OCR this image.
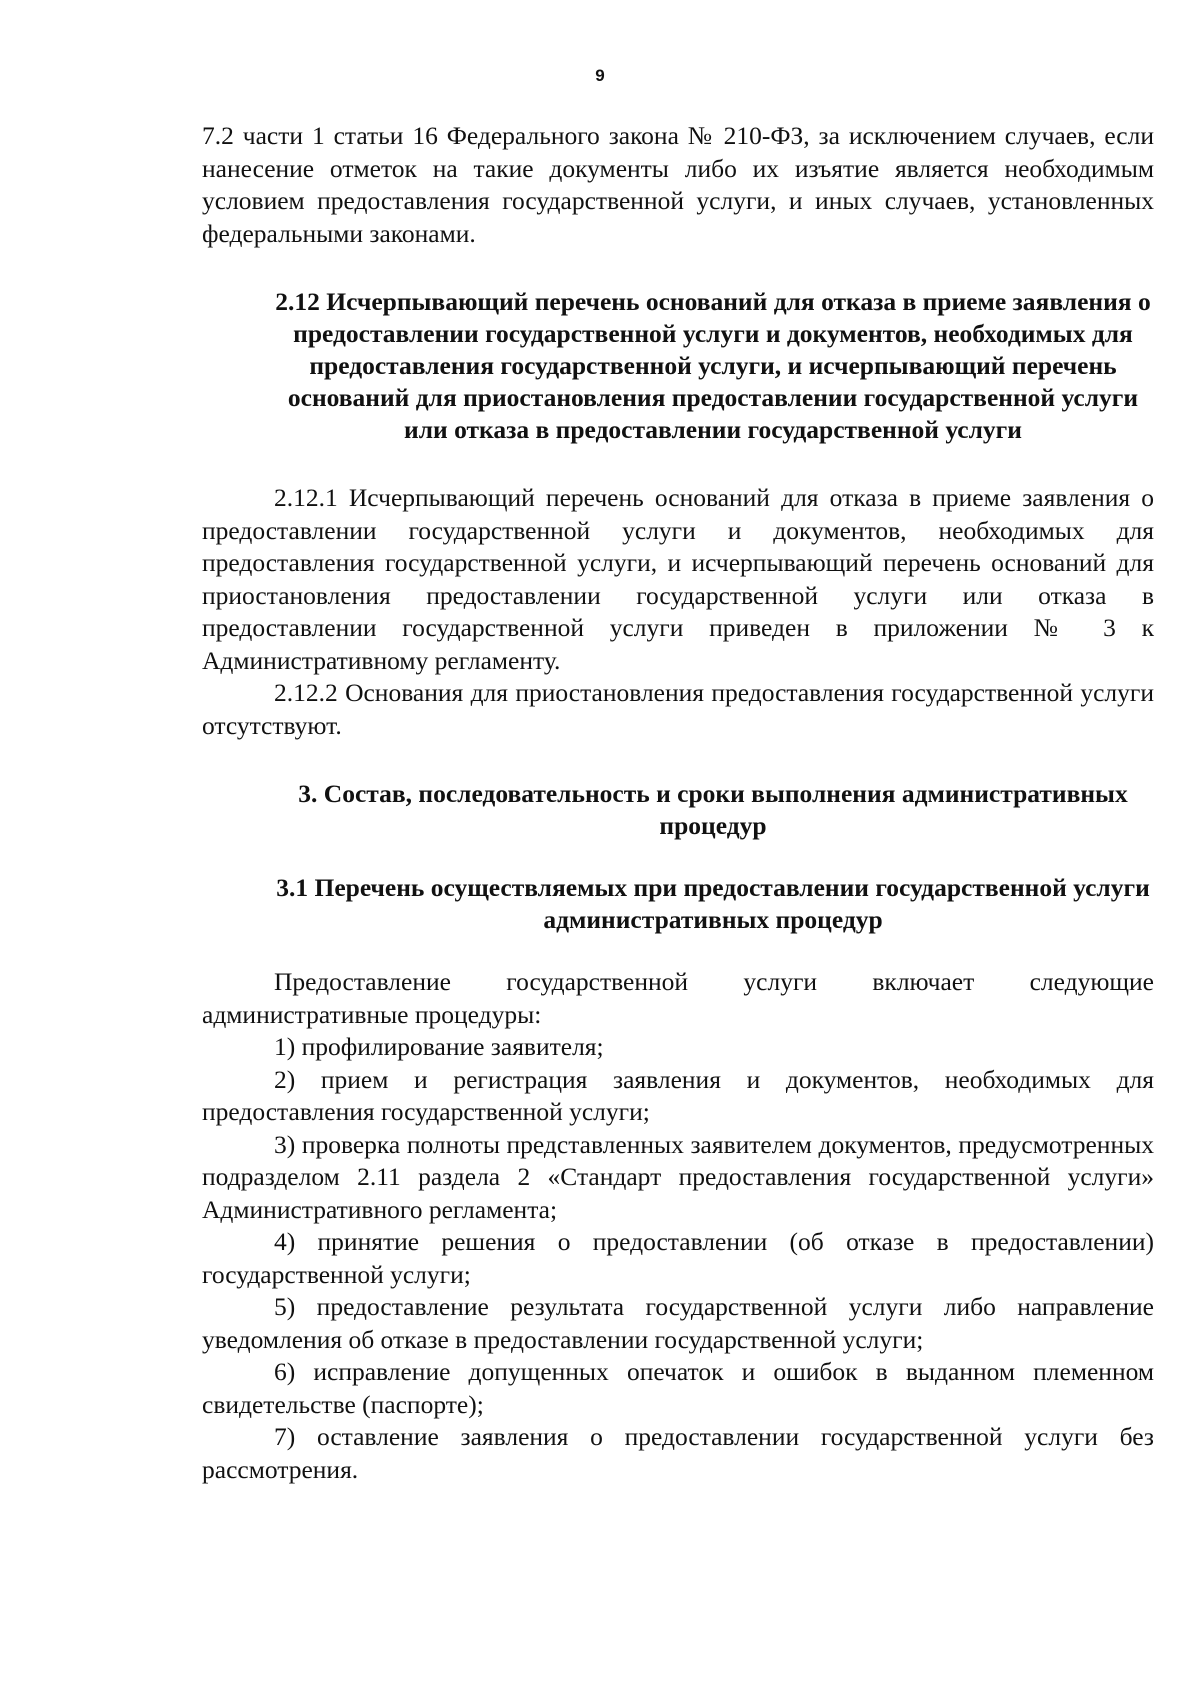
9

7.2 части 1 статьи 16 Федерального закона № 210-ФЗ, за исключением случаев, если нанесение отметок на такие документы либо их изъятие является необходимым условием предоставления государственной услуги, и иных случаев, установленных федеральными законами.

2.12 Исчерпывающий перечень оснований для отказа в приеме заявления о предоставлении государственной услуги и документов, необходимых для предоставления государственной услуги, и исчерпывающий перечень оснований для приостановления предоставлении государственной услуги или отказа в предоставлении государственной услуги

2.12.1 Исчерпывающий перечень оснований для отказа в приеме заявления о предоставлении государственной услуги и документов, необходимых для предоставления государственной услуги, и исчерпывающий перечень оснований для приостановления предоставлении государственной услуги или отказа в предоставлении государственной услуги приведен в приложении № 3 к Административному регламенту.

2.12.2 Основания для приостановления предоставления государственной услуги отсутствуют.

3. Состав, последовательность и сроки выполнения административных процедур
3.1 Перечень осуществляемых при предоставлении государственной услуги административных процедур

Предоставление государственной услуги включает следующие административные процедуры:

1) профилирование заявителя;

2) прием и регистрация заявления и документов, необходимых для предоставления государственной услуги;

3) проверка полноты представленных заявителем документов, предусмотренных подразделом 2.11 раздела 2 «Стандарт предоставления государственной услуги» Административного регламента;

4) принятие решения о предоставлении (об отказе в предоставлении) государственной услуги;

5) предоставление результата государственной услуги либо направление уведомления об отказе в предоставлении государственной услуги;

6) исправление допущенных опечаток и ошибок в выданном племенном свидетельстве (паспорте);

7) оставление заявления о предоставлении государственной услуги без рассмотрения.
